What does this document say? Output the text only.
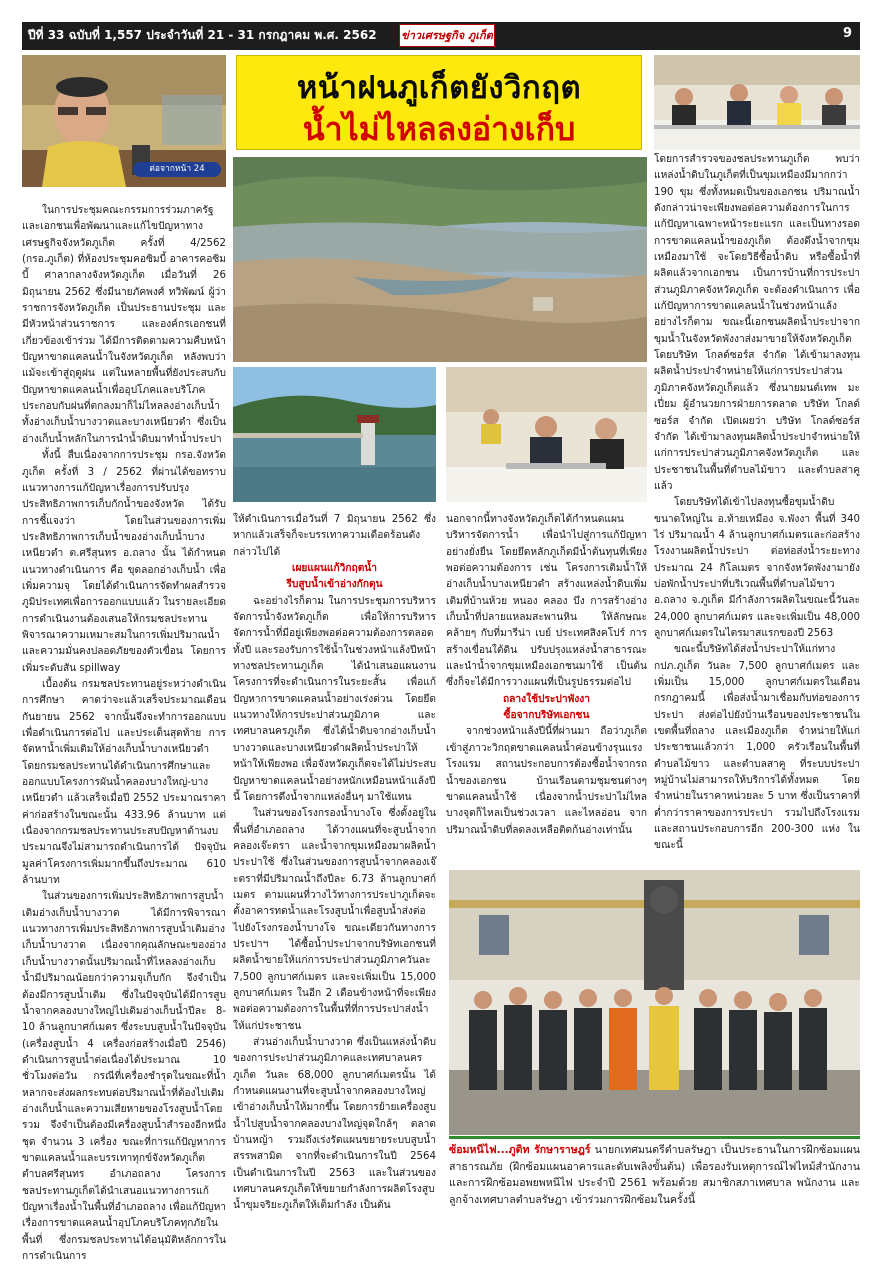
ปีที่ 33 ฉบับที่ 1,557 ประจำวันที่ 21 - 31 กรกฎาคม พ.ศ. 2562 ข่าวเศรษฐกิจ ภูเก็ต	9
ต่อจากหน้า 24
หน้าฝนภูเก็ตยังวิกฤต
น้ำไม่ไหลลงอ่างเก็บ

ในการประชุมคณะกรรมการร่วมภาครัฐและเอกชนเพื่อพัฒนาและแก้ไขปัญหาทางเศรษฐกิจจังหวัดภูเก็ต ครั้งที่ 4/2562 (กรอ.ภูเก็ต) ที่ห้องประชุมคอซิมบี้ อาคารคอซิมบี้ ศาลากลางจังหวัดภูเก็ต เมื่อวันที่ 26 มิถุนายน 2562 ซึ่งมีนายภัคพงศ์ ทวิพัฒน์ ผู้ว่าราชการจังหวัดภูเก็ต เป็นประธานประชุม และมีหัวหน้าส่วนราชการ และองค์กรเอกชนที่เกี่ยวข้องเข้าร่วม ได้มีการติดตามความคืบหน้าปัญหาขาดแคลนน้ำในจังหวัดภูเก็ต หลังพบว่า แม้จะเข้าสู่ฤดูฝน แต่ในหลายพื้นที่ยังประสบกับปัญหาขาดแคลนน้ำเพื่ออุปโภคและบริโภค ประกอบกับฝนที่ตกลงมาก็ไม่ไหลลงอ่างเก็บน้ำ ทั้งอ่างเก็บน้ำบางวาดและบางเหนียวดำ ซึ่งเป็นอ่างเก็บน้ำหลักในการนำน้ำดิบมาทำน้ำประปา

ทั้งนี้ สืบเนื่องจากการประชุม กรอ.จังหวัดภูเก็ต ครั้งที่ 3 / 2562 ที่ผ่านได้ขอทราบแนวทางการแก้ปัญหาเรื่องการปรับปรุงประสิทธิภาพการเก็บกักน้ำของจังหวัด ได้รับการชี้แจงว่า โดยในส่วนของการเพิ่มประสิทธิภาพการเก็บน้ำของอ่างเก็บน้ำบางเหนียวดำ ต.ศรีสุนทร อ.ถลาง นั้น ได้กำหนดแนวทางดำเนินการ คือ ขุดลอกอ่างเก็บน้ำ เพื่อเพิ่มความจุ โดยได้ดำเนินการจัดทำผลสำรวจภูมิประเทศเพื่อการออกแบบแล้ว ในรายละเอียดการดำเนินงานต้องเสนอให้กรมชลประทานพิจารณาความเหมาะสมในการเพิ่มปริมาณน้ำ และความมั่นคงปลอดภัยของตัวเขื่อน โดยการเพิ่มระดับสัน spillway

เบื้องต้น กรมชลประทานอยู่ระหว่างดำเนินการศึกษา คาดว่าจะแล้วเสร็จประมาณเดือนกันยายน 2562 จากนั้นจึงจะทำการออกแบบเพื่อดำเนินการต่อไป และประเด็นสุดท้าย การจัดหาน้ำเพิ่มเติมให้อ่างเก็บน้ำบางเหนียวดำ โดยกรมชลประทานได้ดำเนินการศึกษาและออกแบบโครงการผันน้ำคลองบางใหญ่-บางเหนียวดำ แล้วเสร็จเมื่อปี 2552 ประมาณราคาค่าก่อสร้างในขณะนั้น 433.96 ล้านบาท แต่เนื่องจากกรมชลประทานประสบปัญหาด้านงบประมาณจึงไม่สามารถดำเนินการได้ ปัจจุบันมูลค่าโครงการเพิ่มมากขึ้นถึงประมาณ 610 ล้านบาท

ในส่วนของการเพิ่มประสิทธิภาพการสูบน้ำเติมอ่างเก็บน้ำบางวาด ได้มีการพิจารณาแนวทางการเพิ่มประสิทธิภาพการสูบน้ำเติมอ่างเก็บน้ำบางวาด เนื่องจากคุณลักษณะของอ่างเก็บน้ำบางวาดนั้นปริมาณน้ำที่ไหลลงอ่างเก็บน้ำมีปริมาณน้อยกว่าความจุเก็บกัก จึงจำเป็นต้องมีการสูบน้ำเติม ซึ่งในปัจจุบันได้มีการสูบน้ำจากคลองบางใหญ่ไปเติมอ่างเก็บน้ำปีละ 8-10 ล้านลูกบาศก์เมตร ซึ่งระบบสูบน้ำในปัจจุบัน (เครื่องสูบน้ำ 4 เครื่องก่อสร้างเมื่อปี 2546) ดำเนินการสูบน้ำต่อเนื่องได้ประมาณ 10 ชั่วโมงต่อวัน กรณีที่เครื่องชำรุดในขณะที่น้ำหลากจะส่งผลกระทบต่อปริมาณน้ำที่ต้องไปเติมอ่างเก็บน้ำและความเสียหายของโรงสูบน้ำโดยรวม จึงจำเป็นต้องมีเครื่องสูบน้ำสำรองอีกหนึ่งชุด จำนวน 3 เครื่อง ขณะที่การแก้ปัญหาการขาดแคลนน้ำและบรรเทาทุกข์จังหวัดภูเก็ต ตำบลศรีสุนทร อำเภอถลาง โครงการชลประทานภูเก็ตได้นำเสนอแนวทางการแก้ปัญหาเรื่องน้ำในพื้นที่อำเภอถลาง เพื่อแก้ปัญหาเรื่องการขาดแคลนน้ำอุปโภคบริโภคทุกภัยในพื้นที่ ซึ่งกรมชลประทานได้อนุมัติหลักการในการดำเนินการ

ให้ดำเนินการเมื่อวันที่ 7 มิถุนายน 2562 ซึ่งหากแล้วเสร็จก็จะบรรเทาความเดือดร้อนดังกล่าวไปได้

เผยแผนแก้วิกฤตน้ำ

รีบสูบน้ำเข้าอ่างกักตุน

ฉะอย่างไรก็ตาม ในการประชุมการบริหารจัดการน้ำจังหวัดภูเก็ต เพื่อให้การบริหารจัดการน้ำที่มีอยู่เพียงพอต่อความต้องการตลอดทั้งปี และรองรับการใช้น้ำในช่วงหน้าแล้งปีหน้า ทางชลประทานภูเก็ต ได้นำเสนอแผนงานโครงการที่จะดำเนินการในระยะสั้น เพื่อแก้ปัญหาการขาดแคลนน้ำอย่างเร่งด่วน โดยยึดแนวทางให้การประปาส่วนภูมิภาค และเทศบาลนครภูเก็ต ซึ่งได้น้ำดิบจากอ่างเก็บน้ำบางวาดและบางเหนียวดำผลิตน้ำประปาให้หน้าให้เพียงพอ เพื่อจังหวัดภูเก็ตจะได้ไม่ประสบปัญหาขาดแคลนน้ำอย่างหนักเหมือนหน้าแล้งปีนี้ โดยการดึงน้ำจากแหล่งอื่นๆ มาใช้แทน

ในส่วนของโรงกรองน้ำบางโจ ซึ่งตั้งอยู่ในพื้นที่อำเภอถลาง ได้วางแผนที่จะสูบน้ำจากคลองเจ๊ะตรา และน้ำจากขุมเหมืองมาผลิตน้ำประปาใช้ ซึ่งในส่วนของการสูบน้ำจากคลองเจ๊ะตราที่มีปริมาณน้ำถึงปีละ 6.73 ล้านลูกบาศก์เมตร ตามแผนที่วางไว้ทางการประปาภูเก็ตจะตั้งอาคารทดน้ำและโรงสูบน้ำเพื่อสูบน้ำส่งต่อไปยังโรงกรองน้ำบางโจ ขณะเดียวกันทางการประปาฯ ได้ซื้อน้ำประปาจากบริษัทเอกชนที่ผลิตน้ำขายให้แก่การประปาส่วนภูมิภาควันละ 7,500 ลูกบาศก์เมตร และจะเพิ่มเป็น 15,000 ลูกบาศก์เมตร ในอีก 2 เดือนข้างหน้าที่จะเพียงพอต่อความต้องการในพื้นที่ที่การประปาส่งน้ำให้แก่ประชาชน

ส่วนอ่างเก็บน้ำบางวาด ซึ่งเป็นแหล่งน้ำดิบของการประปาส่วนภูมิภาคและเทศบาลนครภูเก็ต วันละ 68,000 ลูกบาศก์เมตรนั้น ได้กำหนดแผนงานที่จะสูบน้ำจากคลองบางใหญ่เข้าอ่างเก็บน้ำให้มากขึ้น โดยการย้ายเครื่องสูบน้ำไปสูบน้ำจากคลองบางใหญ่จุดใกล้ๆ ตลาดบ้านหญ้า รวมถึงเร่งรัดแผนขยายระบบสูบน้ำสรรพสามิต จากที่จะดำเนินการในปี 2564 เป็นดำเนินการในปี 2563 และในส่วนของเทศบาลนครภูเก็ตให้ขยายกำลังการผลิตโรงสูบน้ำขุมจริยะภูเก็ตให้เต็มกำลัง เป็นต้น

นอกจากนี้ทางจังหวัดภูเก็ตได้กำหนดแผนบริหารจัดการน้ำ เพื่อนำไปสู่การแก้ปัญหาอย่างยั่งยืน โดยยึดหลักภูเก็ตมีน้ำต้นทุนที่เพียงพอต่อความต้องการ เช่น โครงการเติมน้ำให้อ่างเก็บน้ำบางเหนียวดำ สร้างแหล่งน้ำดิบเพิ่มเติมที่บ้านห้วย หนอง คลอง บึง การสร้างอ่างเก็บน้ำที่ปลายแหลมสะพานหิน ให้ลักษณะคล้ายๆ กับที่มารีน่า เบย์ ประเทศสิงคโปร์ การสร้างเขื่อนใต้ดิน ปรับปรุงแหล่งน้ำสาธารณะ และนำน้ำจากขุมเหมืองเอกชนมาใช้ เป็นต้น ซึ่งก็จะได้มีการวางแผนที่เป็นรูปธรรมต่อไป

ถลางใช้ประปาพังงา

ซื้อจากบริษัทเอกชน

จากช่วงหน้าแล้งปีนี้ที่ผ่านมา ถือว่าภูเก็ตเข้าสู่ภาวะวิกฤตขาดแคลนน้ำค่อนข้างรุนแรง โรงแรม สถานประกอบการต้องซื้อน้ำจากรถน้ำของเอกชน บ้านเรือนตามชุมชนต่างๆ ขาดแคลนน้ำใช้ เนื่องจากน้ำประปาไม่ไหล บางจุดก็ไหลเป็นช่วงเวลา และไหลอ่อน จากปริมาณน้ำดิบที่ลดลงเหลือติดก้นอ่างเท่านั้น

โดยการสำรวจของชลประทานภูเก็ต พบว่า แหล่งน้ำดิบในภูเก็ตที่เป็นขุมเหมืองมีมากกว่า 190 ขุม ซึ่งทั้งหมดเป็นของเอกชน ปริมาณน้ำดังกล่าวน่าจะเพียงพอต่อความต้องการในการแก้ปัญหาเฉพาะหน้าระยะแรก และเป็นทางรอดการขาดแคลนน้ำของภูเก็ต ต้องดึงน้ำจากขุมเหมืองมาใช้ จะโดยวิธีซื้อน้ำดิบ หรือซื้อน้ำที่ผลิตแล้วจากเอกชน เป็นการบ้านที่การประปาส่วนภูมิภาคจังหวัดภูเก็ต จะต้องดำเนินการ เพื่อแก้ปัญหาการขาดแคลนน้ำในช่วงหน้าแล้ง

อย่างไรก็ตาม ขณะนี้เอกชนผลิตน้ำประปาจากขุมน้ำในจังหวัดพังงาส่งมาขายให้จังหวัดภูเก็ต โดยบริษัท โกลด์ซอร์ส จำกัด ได้เข้ามาลงทุนผลิตน้ำประปาจำหน่ายให้แก่การประปาส่วนภูมิภาคจังหวัดภูเก็ตแล้ว ซึ่งนายมนต์เทพ มะเปี่ยม ผู้อำนวยการฝ่ายการตลาด บริษัท โกลด์ซอร์ส จำกัด เปิดเผยว่า บริษัท โกลด์ซอร์ส จำกัด ได้เข้ามาลงทุนผลิตน้ำประปาจำหน่ายให้แก่การประปาส่วนภูมิภาคจังหวัดภูเก็ต และประชาชนในพื้นที่ตำบลไม้ขาว และตำบลสาคูแล้ว

โดยบริษัทได้เข้าไปลงทุนซื้อขุมน้ำดิบขนาดใหญ่ใน อ.ท้ายเหมือง จ.พังงา พื้นที่ 340 ไร่ ปริมาณน้ำ 4 ล้านลูกบาศก์เมตรและก่อสร้างโรงงานผลิตน้ำประปา ต่อท่อส่งน้ำระยะทางประมาณ 24 กิโลเมตร จากจังหวัดพังงามายังบ่อพักน้ำประปาที่บริเวณพื้นที่ตำบลไม้ขาว อ.ถลาง จ.ภูเก็ต มีกำลังการผลิตในขณะนี้วันละ 24,000 ลูกบาศก์เมตร และจะเพิ่มเป็น 48,000 ลูกบาศก์เมตรในไตรมาสแรกของปี 2563

ขณะนี้บริษัทได้ส่งน้ำประปาให้แก่ทาง กปภ.ภูเก็ต วันละ 7,500 ลูกบาศก์เมตร และเพิ่มเป็น 15,000 ลูกบาศก์เมตรในเดือน กรกฎาคมนี้ เพื่อส่งน้ำมาเชื่อมกับท่อของการประปา ส่งต่อไปยังบ้านเรือนของประชาชนในเขตพื้นที่ถลาง และเมืองภูเก็ต จำหน่ายให้แก่ประชาชนแล้วกว่า 1,000 ครัวเรือนในพื้นที่ตำบลไม้ขาว และตำบลสาคู ที่ระบบประปาหมู่บ้านไม่สามารถให้บริการได้ทั้งหมด โดยจำหน่ายในราคาหน่วยละ 5 บาท ซึ่งเป็นราคาที่ต่ำกว่าราคาของการประปา รวมไปถึงโรงแรมและสถานประกอบการอีก 200-300 แห่ง ในขณะนี้

ซ้อมหนีไฟ...ภูติท รักษาราษฎร์ นายกเทศมนตรีตำบลรัษฎา เป็นประธานในการฝึกซ้อมแผนสาธารณภัย (ฝึกซ้อมแผนอาคารและดับเพลิงขั้นต้น) เพื่อรองรับเหตุการณ์ไฟไหม้สำนักงานและการฝึกซ้อมอพยพหนีไฟ ประจำปี 2561 พร้อมด้วย สมาชิกสภาเทศบาล พนักงาน และลูกจ้างเทศบาลตำบลรัษฎา เข้าร่วมการฝึกซ้อมในครั้งนี้
